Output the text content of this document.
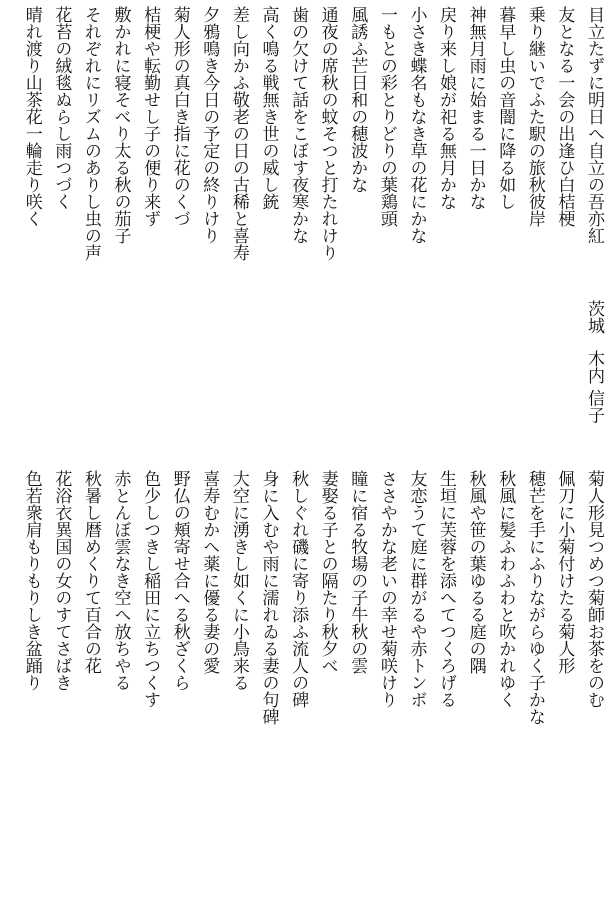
目立たずに明日へ自立の吾亦紅
友となる一会の出逢ひ白桔梗
乗り継いでふた駅の旅秋彼岸
暮早し虫の音闇に降る如し
神無月雨に始まる一日かな
戻り来し娘が祀る無月かな
小さき蝶名もなき草の花にかな
一もとの彩とりどりの葉鶏頭
風誘ふ芒日和の穂波かな
通夜の席秋の蚊そつと打たれけり
歯の欠けて話をこぼす夜寒かな
高く鳴る戦無き世の威し銃
差し向かふ敬老の日の古稀と喜寿
夕鴉鳴き今日の予定の終りけり
菊人形の真白き指に花のくづ
桔梗や転勤せし子の便り来ず
敷かれに寝そべり太る秋の茄子
それぞれにリズムのありし虫の声
花苔の絨毯ぬらし雨つづく
晴れ渡り山茶花一輪走り咲く
茨城
木内 信子
菊人形見つめつ菊師お茶をのむ
佩刀に小菊付けたる菊人形
穂芒を手にふりながらゆく子かな
秋風に髪ふわふわと吹かれゆく
秋風や笹の葉ゆるる庭の隅
生垣に芙蓉を添へてつくろげる
友恋うて庭に群がるや赤トンボ
ささやかな老いの幸せ菊咲けり
瞳に宿る牧場の子牛秋の雲
妻娶る子との隔たり秋夕べ
秋しぐれ磯に寄り添ふ流人の碑
身に入むや雨に濡れゐる妻の句碑
大空に湧きし如くに小鳥来る
喜寿むかへ薬に優る妻の愛
野仏の頬寄せ合へる秋ざくら
色少しつきし稲田に立ちつくす
赤とんぼ雲なき空へ放ちやる
秋暑し暦めくりて百合の花
花浴衣異国の女のすてさばき
色若衆肩もりもりしき盆踊り
